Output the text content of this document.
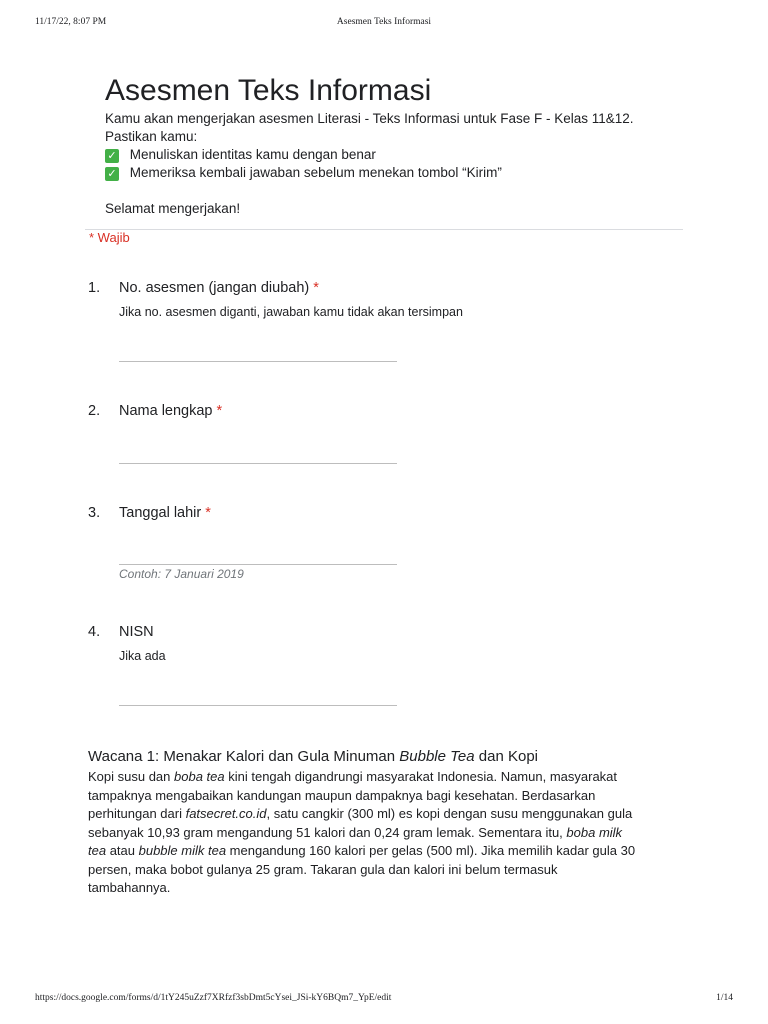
11/17/22, 8:07 PM	Asesmen Teks Informasi
Asesmen Teks Informasi
Kamu akan mengerjakan asesmen Literasi - Teks Informasi untuk Fase F - Kelas 11&12.
Pastikan kamu:
✓ Menuliskan identitas kamu dengan benar
✓ Memeriksa kembali jawaban sebelum menekan tombol “Kirim”
Selamat mengerjakan!
* Wajib
1. No. asesmen (jangan diubah) *
Jika no. asesmen diganti, jawaban kamu tidak akan tersimpan
2. Nama lengkap *
3. Tanggal lahir *
Contoh: 7 Januari 2019
4. NISN
Jika ada
Wacana 1: Menakar Kalori dan Gula Minuman Bubble Tea dan Kopi
Kopi susu dan boba tea kini tengah digandrungi masyarakat Indonesia. Namun, masyarakat
tampaknya mengabaikan kandungan maupun dampaknya bagi kesehatan. Berdasarkan
perhitungan dari fatsecret.co.id, satu cangkir (300 ml) es kopi dengan susu menggunakan gula
sebanyak 10,93 gram mengandung 51 kalori dan 0,24 gram lemak. Sementara itu, boba milk
tea atau bubble milk tea mengandung 160 kalori per gelas (500 ml). Jika memilih kadar gula 30
persen, maka bobot gulanya 25 gram. Takaran gula dan kalori ini belum termasuk
tambahannya.
https://docs.google.com/forms/d/1tY245uZzf7XRfzf3sbDmt5cYsei_JSi-kY6BQm7_YpE/edit	1/14
